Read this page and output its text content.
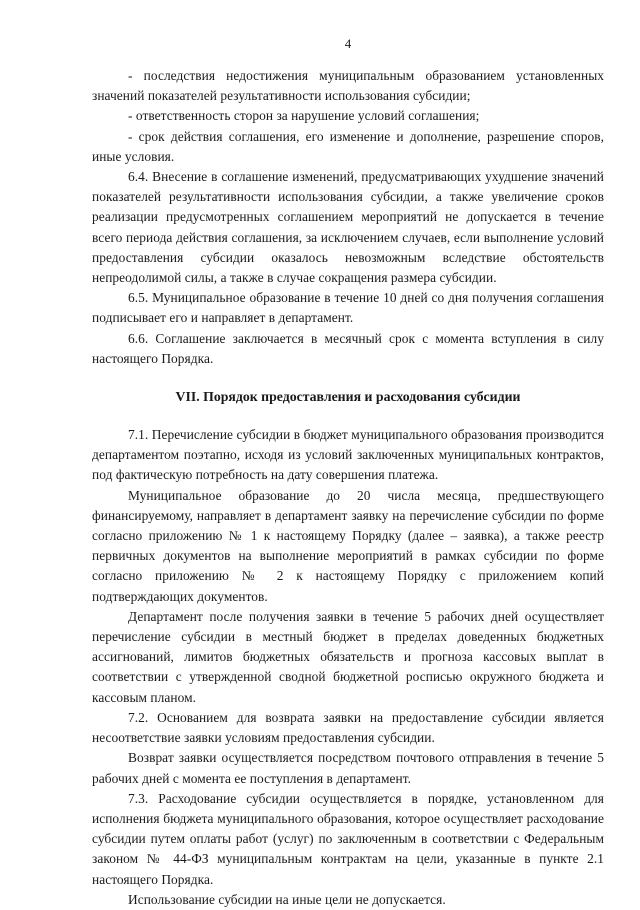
4

- последствия недостижения муниципальным образованием установленных значений показателей результативности использования субсидии;

- ответственность сторон за нарушение условий соглашения;

- срок действия соглашения, его изменение и дополнение, разрешение споров, иные условия.

6.4. Внесение в соглашение изменений, предусматривающих ухудшение значений показателей результативности использования субсидии, а также увеличение сроков реализации предусмотренных соглашением мероприятий не допускается в течение всего периода действия соглашения, за исключением случаев, если выполнение условий предоставления субсидии оказалось невозможным вследствие обстоятельств непреодолимой силы, а также в случае сокращения размера субсидии.

6.5. Муниципальное образование в течение 10 дней со дня получения соглашения подписывает его и направляет в департамент.

6.6. Соглашение заключается в месячный срок с момента вступления в силу настоящего Порядка.

VII. Порядок предоставления и расходования субсидии

7.1. Перечисление субсидии в бюджет муниципального образования производится департаментом поэтапно, исходя из условий заключенных муниципальных контрактов, под фактическую потребность на дату совершения платежа.

Муниципальное образование до 20 числа месяца, предшествующего финансируемому, направляет в департамент заявку на перечисление субсидии по форме согласно приложению № 1 к настоящему Порядку (далее – заявка), а также реестр первичных документов на выполнение мероприятий в рамках субсидии по форме согласно приложению № 2 к настоящему Порядку с приложением копий подтверждающих документов.

Департамент после получения заявки в течение 5 рабочих дней осуществляет перечисление субсидии в местный бюджет в пределах доведенных бюджетных ассигнований, лимитов бюджетных обязательств и прогноза кассовых выплат в соответствии с утвержденной сводной бюджетной росписью окружного бюджета и кассовым планом.

7.2. Основанием для возврата заявки на предоставление субсидии является несоответствие заявки условиям предоставления субсидии.

Возврат заявки осуществляется посредством почтового отправления в течение 5 рабочих дней с момента ее поступления в департамент.

7.3. Расходование субсидии осуществляется в порядке, установленном для исполнения бюджета муниципального образования, которое осуществляет расходование субсидии путем оплаты работ (услуг) по заключенным в соответствии с Федеральным законом № 44-ФЗ муниципальным контрактам на цели, указанные в пункте 2.1 настоящего Порядка.

Использование субсидии на иные цели не допускается.
